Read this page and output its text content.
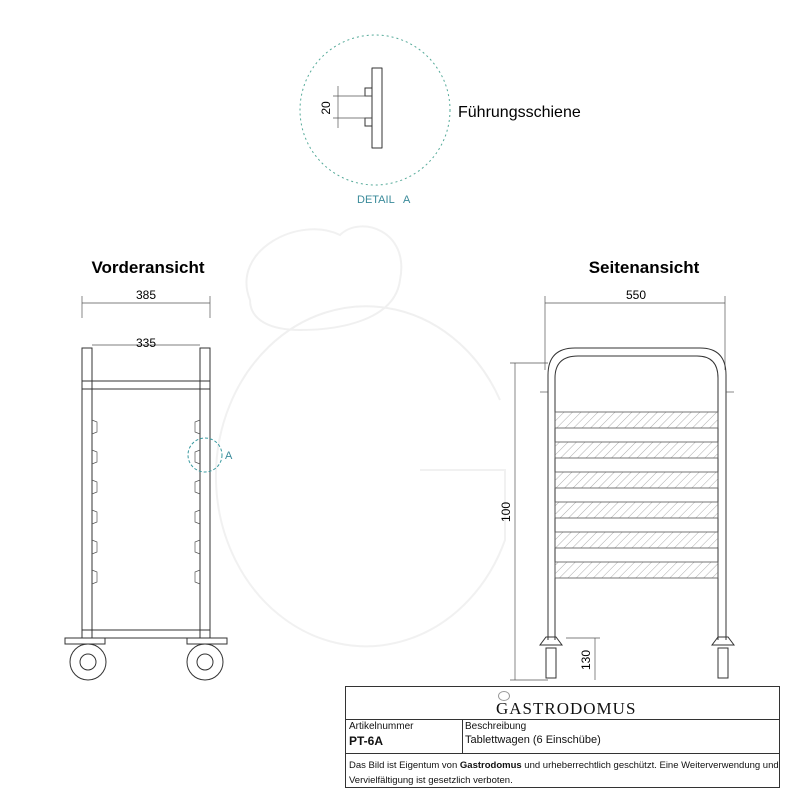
20
DETAIL A
Führungsschiene
Vorderansicht
385
335
A
Seitenansicht
550
100
130
GASTRODOMUS
Artikelnummer
PT-6A
Beschreibung
Tablettwagen (6 Einschübe)
Das Bild ist Eigentum von Gastrodomus und urheberrechtlich geschützt. Eine Weiterverwendung und Vervielfältigung ist gesetzlich verboten.
